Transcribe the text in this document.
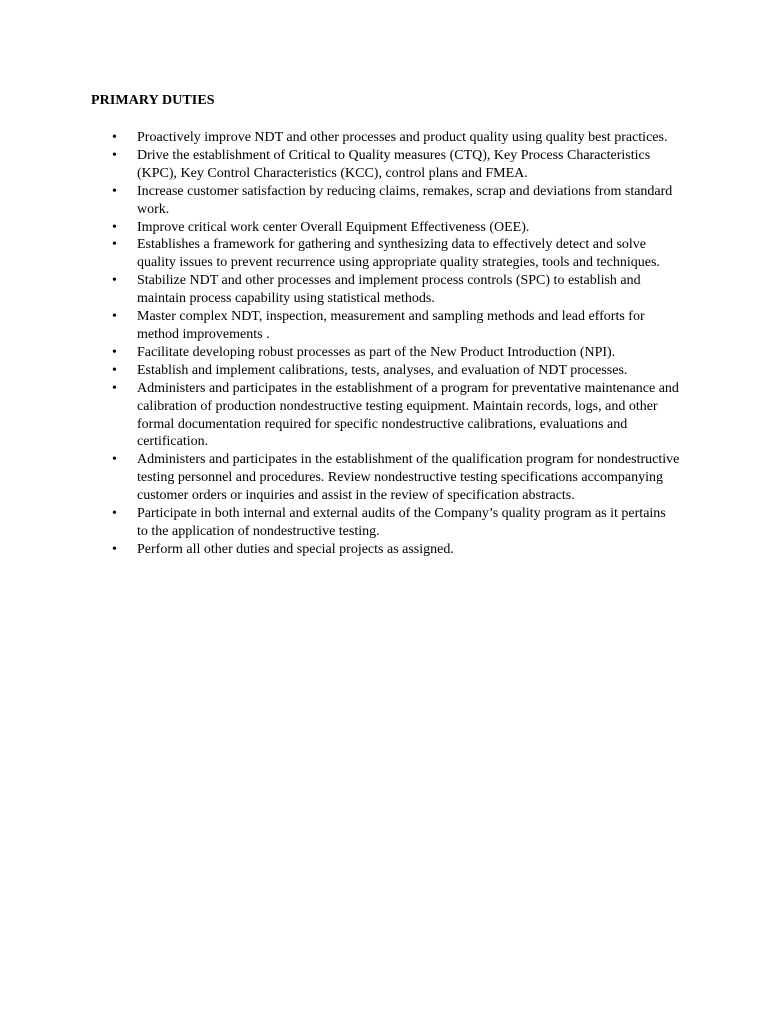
PRIMARY DUTIES
• Proactively improve NDT and other processes and product quality using quality best practices.
• Drive the establishment of Critical to Quality measures (CTQ), Key Process Characteristics (KPC), Key Control Characteristics (KCC), control plans and FMEA.
• Increase customer satisfaction by reducing claims, remakes, scrap and deviations from standard work.
• Improve critical work center Overall Equipment Effectiveness (OEE).
• Establishes a framework for gathering and synthesizing data to effectively detect and solve quality issues to prevent recurrence using appropriate quality strategies, tools and techniques.
• Stabilize NDT and other processes and implement process controls (SPC) to establish and maintain process capability using statistical methods.
• Master complex NDT, inspection, measurement and sampling methods and lead efforts for method improvements .
• Facilitate developing robust processes as part of the New Product Introduction (NPI).
• Establish and implement calibrations, tests, analyses, and evaluation of NDT processes.
• Administers and participates in the establishment of a program for preventative maintenance and calibration of production nondestructive testing equipment. Maintain records, logs, and other formal documentation required for specific nondestructive calibrations, evaluations and certification.
• Administers and participates in the establishment of the qualification program for nondestructive testing personnel and procedures. Review nondestructive testing specifications accompanying customer orders or inquiries and assist in the review of specification abstracts.
• Participate in both internal and external audits of the Company’s quality program as it pertains to the application of nondestructive testing.
• Perform all other duties and special projects as assigned.
